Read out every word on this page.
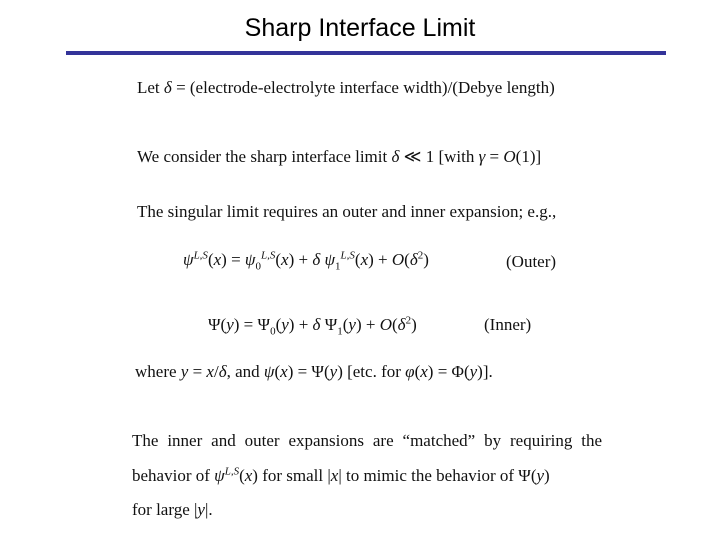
Sharp Interface Limit
Let δ = (electrode-electrolyte interface width)/(Debye length)
We consider the sharp interface limit δ ≪ 1 [with γ = O(1)]
The singular limit requires an outer and inner expansion; e.g.,
$\psi^{L,S}(x) = \psi_0^{L,S}(x) + \delta$ $\psi_1^{L,S}(x) + O(\delta^2)$	(Outer)
$\Psi(y) = \Psi_0(y) + \delta$ $\Psi_1(y) + O(\delta^2)$	(Inner)
where y = x/δ, and ψ(x) = Ψ(y) [etc. for φ(x) = Φ(y)].
The inner and outer expansions are “matched” by requiring the
behavior of $\psi^{L,S}(x)$ for small |x| to mimic the behavior of Ψ(y)
for large |y|.
